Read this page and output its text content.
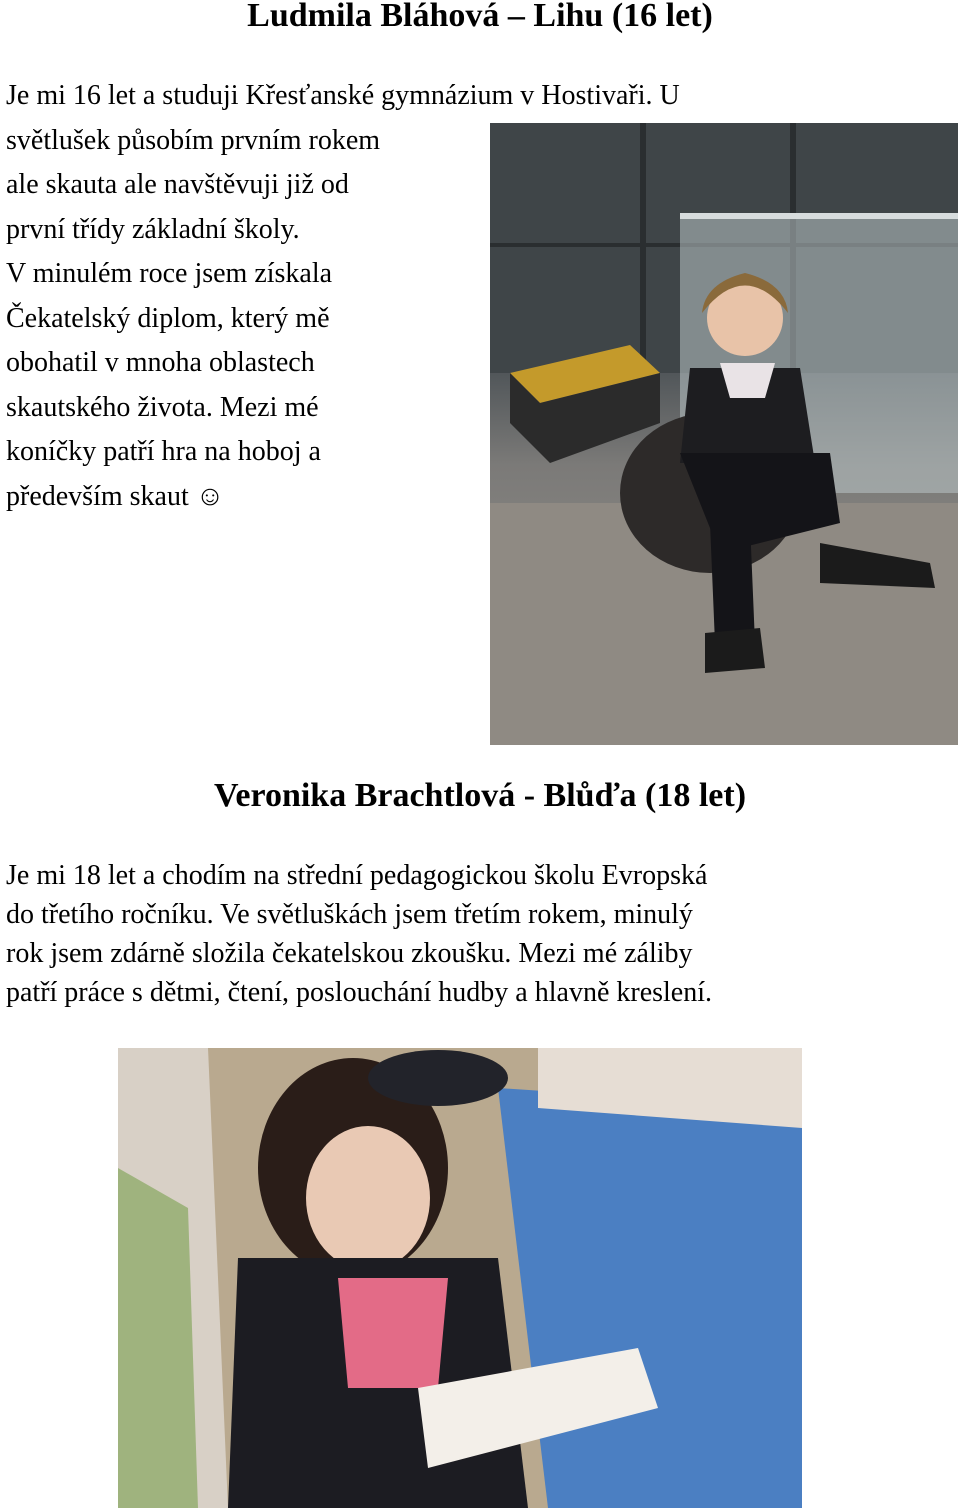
Ludmila Bláhová – Lihu (16 let)

Je mi 16 let a studuji Křesťanské gymnázium v Hostivaři. U
světlušek působím prvním rokem
ale skauta ale navštěvuji již od
první třídy základní školy.
V minulém roce jsem získala
Čekatelský diplom, který mě
obohatil v mnoha oblastech
skautského života. Mezi mé
koníčky patří hra na hoboj a
především skaut ☺

Veronika Brachtlová - Blůďa (18 let)

Je mi 18 let a chodím na střední pedagogickou školu Evropská
do třetího ročníku. Ve světluškách jsem třetím rokem, minulý
rok jsem zdárně složila čekatelskou zkoušku. Mezi mé záliby
patří práce s dětmi, čtení, poslouchání hudby a hlavně kreslení.
